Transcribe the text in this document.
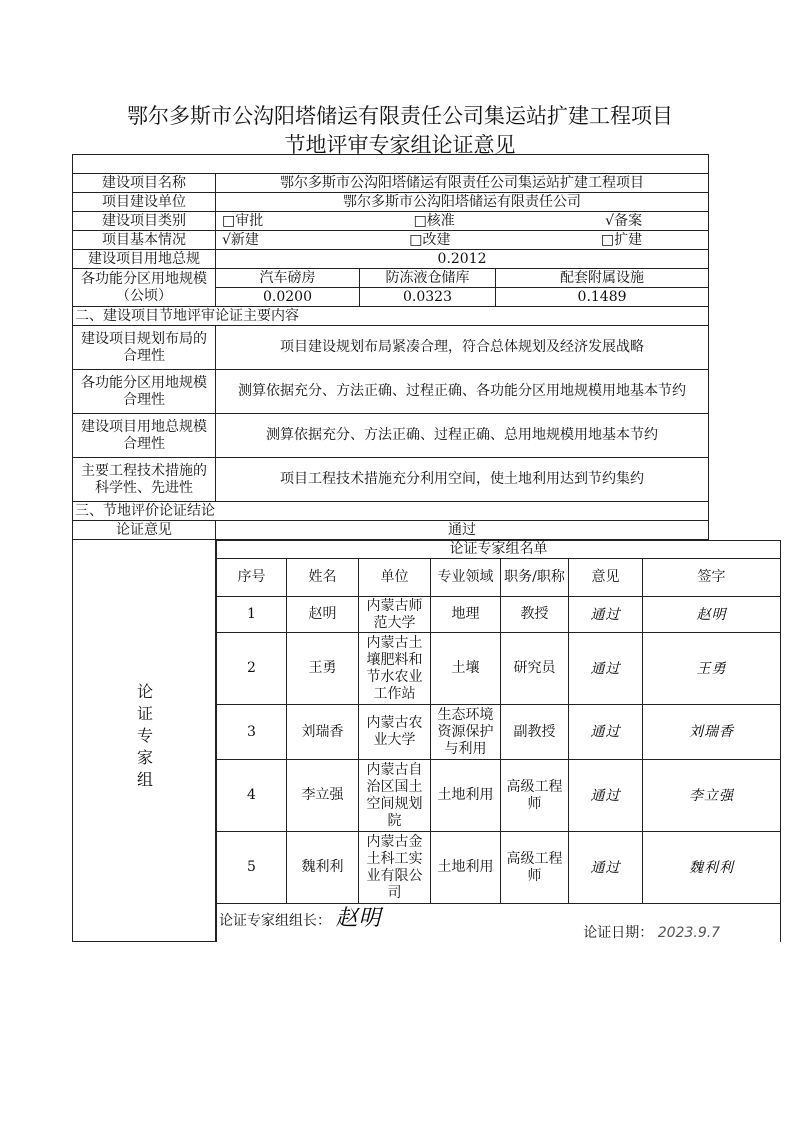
鄂尔多斯市公沟阳塔储运有限责任公司集运站扩建工程项目
节地评审专家组论证意见

建设项目名称	鄂尔多斯市公沟阳塔储运有限责任公司集运站扩建工程项目
项目建设单位	鄂尔多斯市公沟阳塔储运有限责任公司
建设项目类别	□审批	□核准	√备案

项目基本情况	√新建	□改建	□扩建

建设项目用地总规	0.2012
各功能分区用地规模（公顷）	汽车磅房	防冻液仓储库	配套附属设施
0.0200	0.0323	0.1489
二、建设项目节地评审论证主要内容
建设项目规划布局的合理性	项目建设规划布局紧凑合理，符合总体规划及经济发展战略
各功能分区用地规模合理性	测算依据充分、方法正确、过程正确、各功能分区用地规模用地基本节约
建设项目用地总规模合理性	测算依据充分、方法正确、过程正确、总用地规模用地基本节约
主要工程技术措施的科学性、先进性	项目工程技术措施充分利用空间，使土地利用达到节约集约
三、节地评价论证结论
论证意见	通过
论证专家组	
论证专家组名单
序号	姓名	单位	专业领域	职务/职称	意见	签字
1	赵明	内蒙古师范大学	地理	教授	通过	赵明
2	王勇	内蒙古土壤肥料和节水农业工作站	土壤	研究员	通过	王勇
3	刘瑞香	内蒙古农业大学	生态环境资源保护与利用	副教授	通过	刘瑞香
4	李立强	内蒙古自治区国土空间规划院	土地利用	高级工程师	通过	李立强
5	魏利利	内蒙古金土科工实业有限公司	土地利用	高级工程师	通过	魏利利
论证专家组组长： 赵明
论证日期： 2023.9.7
